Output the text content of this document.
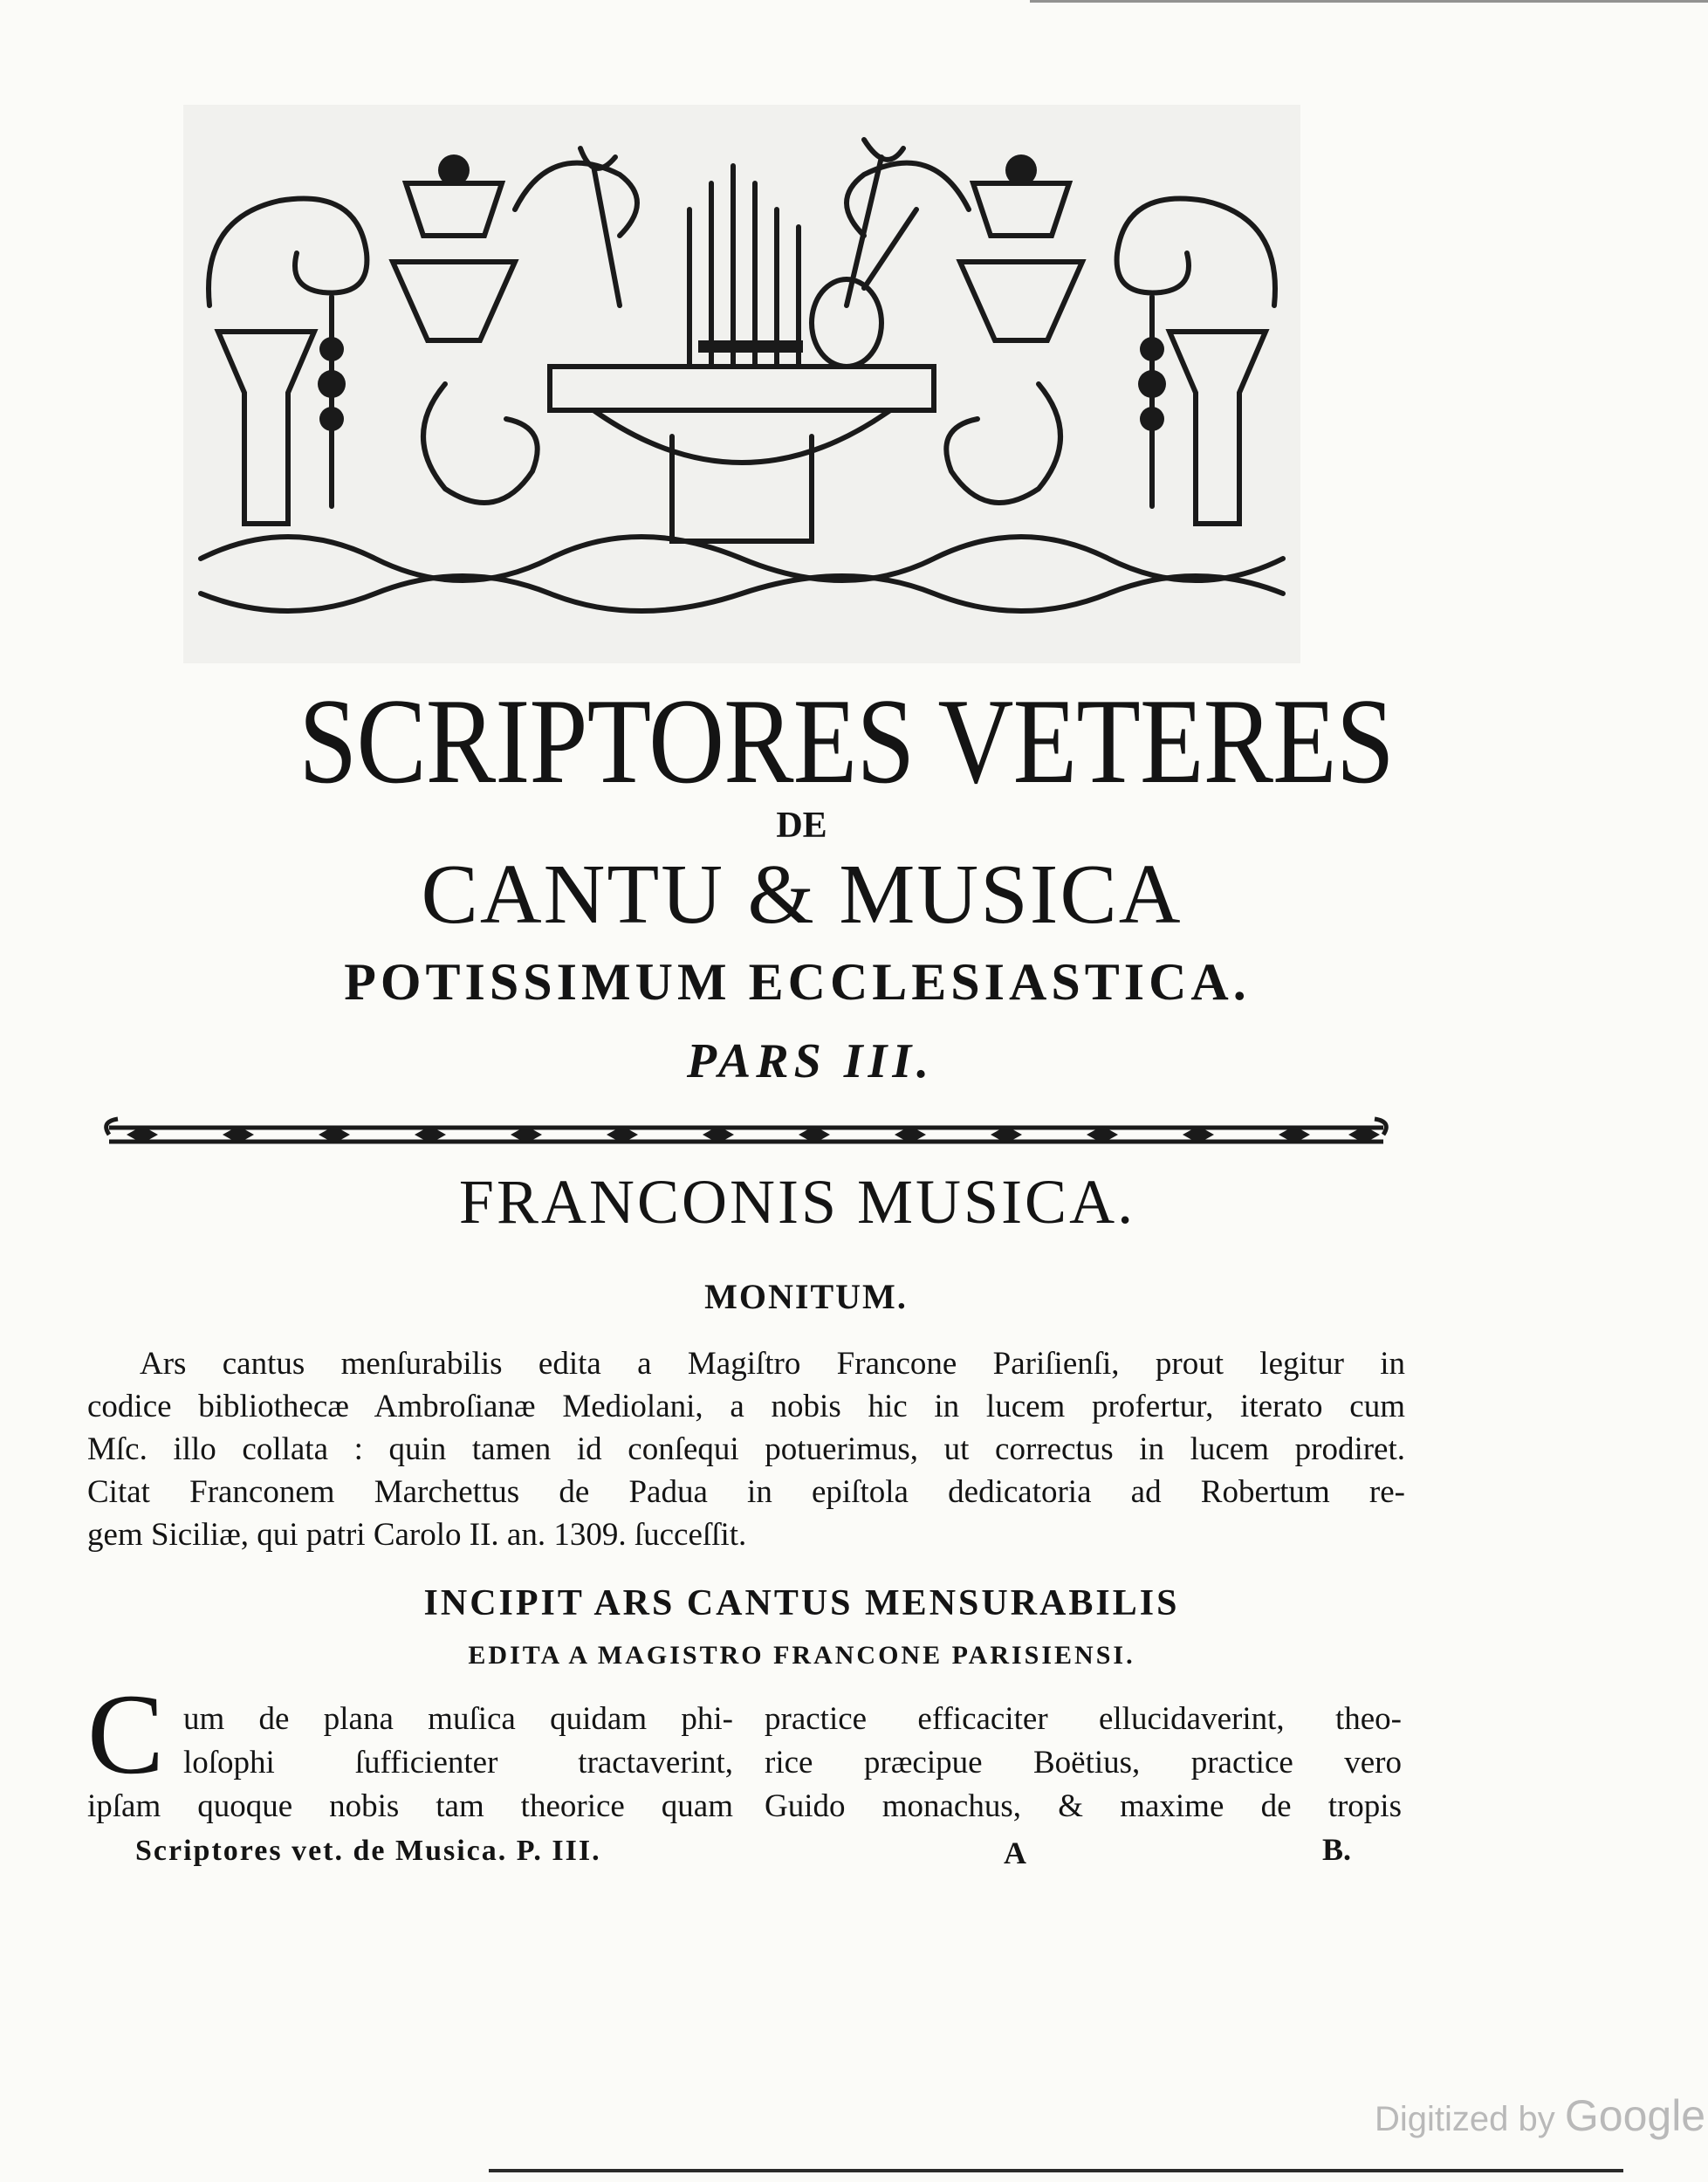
SCRIPTORES VETERES
DE
CANTU & MUSICA
POTISSIMUM ECCLESIASTICA.
PARS III.
FRANCONIS MUSICA.
MONITUM.
Ars cantus menſurabilis edita a Magiſtro Francone Pariſienſi, prout legitur in
codice bibliothecæ Ambroſianæ Mediolani, a nobis hic in lucem profertur, iterato cum
Mſc. illo collata : quin tamen id conſequi potuerimus, ut correctus in lucem prodiret.
Citat Franconem Marchettus de Padua in epiſtola dedicatoria ad Robertum re-
gem Siciliæ, qui patri Carolo II. an. 1309. ſucceſſit.
INCIPIT ARS CANTUS MENSURABILIS
EDITA A MAGISTRO FRANCONE PARISIENSI.
C um de plana muſica quidam phi-
loſophi ſufficienter tractaverint,
ipſam quoque nobis tam theorice quam
practice efficaciter ellucidaverint, theo-
rice præcipue Boëtius, practice vero
Guido monachus, & maxime de tropis
Scriptores vet. de Musica. P. III.	A	B.
Digitized by Google
